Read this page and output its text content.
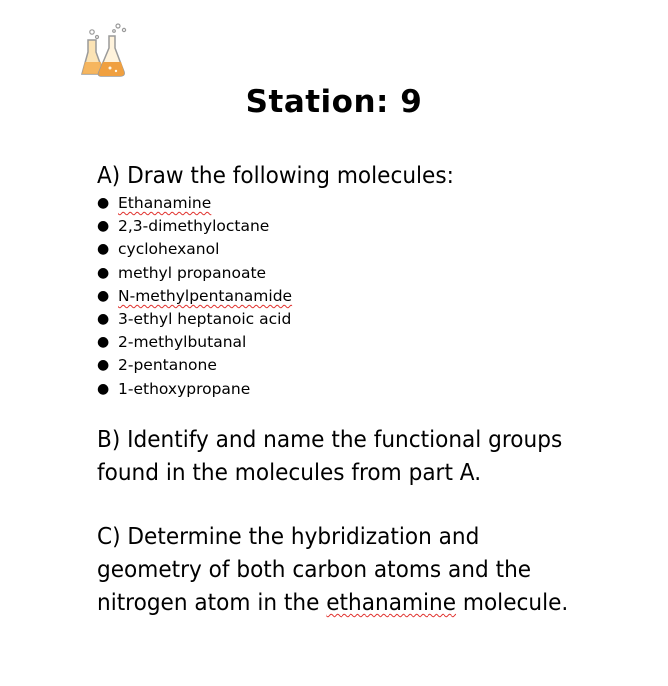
Station: 9
A) Draw the following molecules:
● Ethanamine
● 2,3-dimethyloctane
● cyclohexanol
● methyl propanoate
● N-methylpentanamide
● 3-ethyl heptanoic acid
● 2-methylbutanal
● 2-pentanone
● 1-ethoxypropane
B) Identify and name the functional groups
found in the molecules from part A.
C) Determine the hybridization and
geometry of both carbon atoms and the
nitrogen atom in the ethanamine molecule.
